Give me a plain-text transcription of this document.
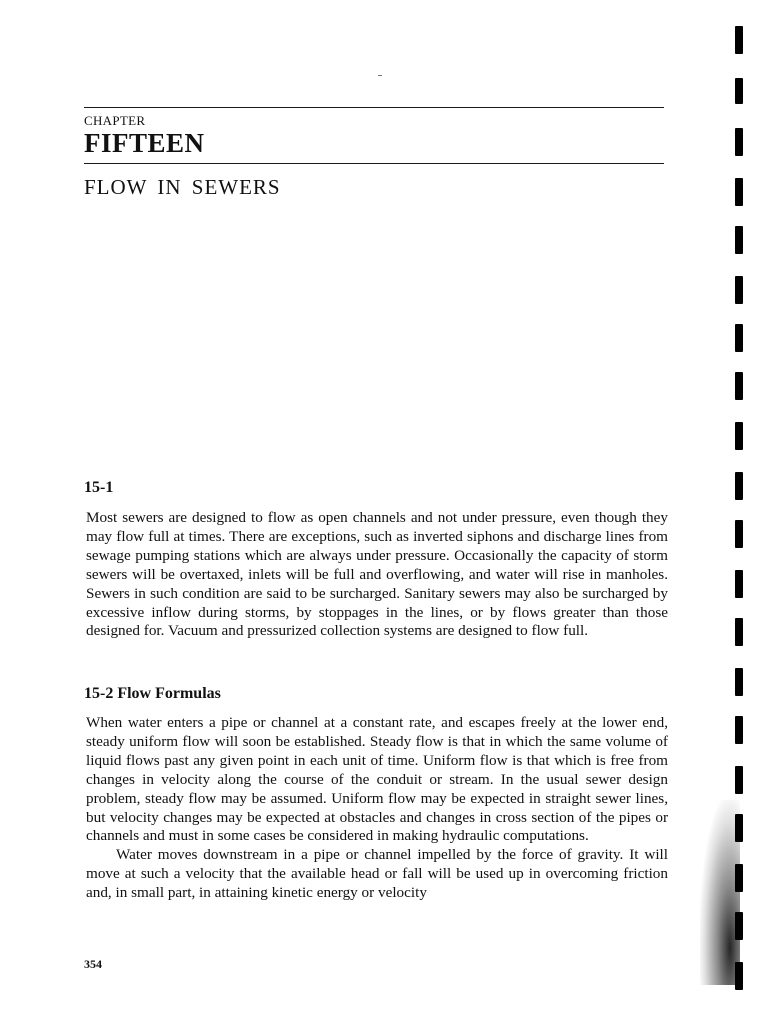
CHAPTER
FIFTEEN
FLOW IN SEWERS
15-1

Most sewers are designed to flow as open channels and not under pressure, even though they may flow full at times. There are exceptions, such as inverted siphons and discharge lines from sewage pumping stations which are always under pressure. Occasionally the capacity of storm sewers will be overtaxed, inlets will be full and overflowing, and water will rise in manholes. Sewers in such condition are said to be surcharged. Sanitary sewers may also be surcharged by excessive inflow during storms, by stoppages in the lines, or by flows greater than those designed for. Vacuum and pressurized collection systems are designed to flow full.

15-2 Flow Formulas

When water enters a pipe or channel at a constant rate, and escapes freely at the lower end, steady uniform flow will soon be established. Steady flow is that in which the same volume of liquid flows past any given point in each unit of time. Uniform flow is that which is free from changes in velocity along the course of the conduit or stream. In the usual sewer design problem, steady flow may be assumed. Uniform flow may be expected in straight sewer lines, but velocity changes may be expected at obstacles and changes in cross section of the pipes or channels and must in some cases be considered in making hydraulic computations.

Water moves downstream in a pipe or channel impelled by the force of gravity. It will move at such a velocity that the available head or fall will be used up in overcoming friction and, in small part, in attaining kinetic energy or velocity

354
